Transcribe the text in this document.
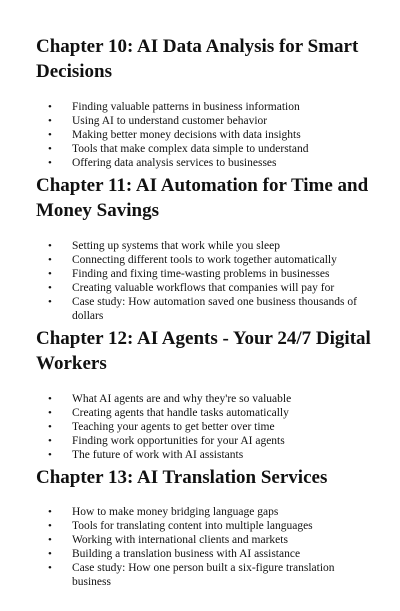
Chapter 10: AI Data Analysis for Smart Decisions
• Finding valuable patterns in business information
• Using AI to understand customer behavior
• Making better money decisions with data insights
• Tools that make complex data simple to understand
• Offering data analysis services to businesses
Chapter 11: AI Automation for Time and Money Savings
• Setting up systems that work while you sleep
• Connecting different tools to work together automatically
• Finding and fixing time-wasting problems in businesses
• Creating valuable workflows that companies will pay for
• Case study: How automation saved one business thousands of dollars
Chapter 12: AI Agents - Your 24/7 Digital Workers
• What AI agents are and why they're so valuable
• Creating agents that handle tasks automatically
• Teaching your agents to get better over time
• Finding work opportunities for your AI agents
• The future of work with AI assistants
Chapter 13: AI Translation Services
• How to make money bridging language gaps
• Tools for translating content into multiple languages
• Working with international clients and markets
• Building a translation business with AI assistance
• Case study: How one person built a six-figure translation business
